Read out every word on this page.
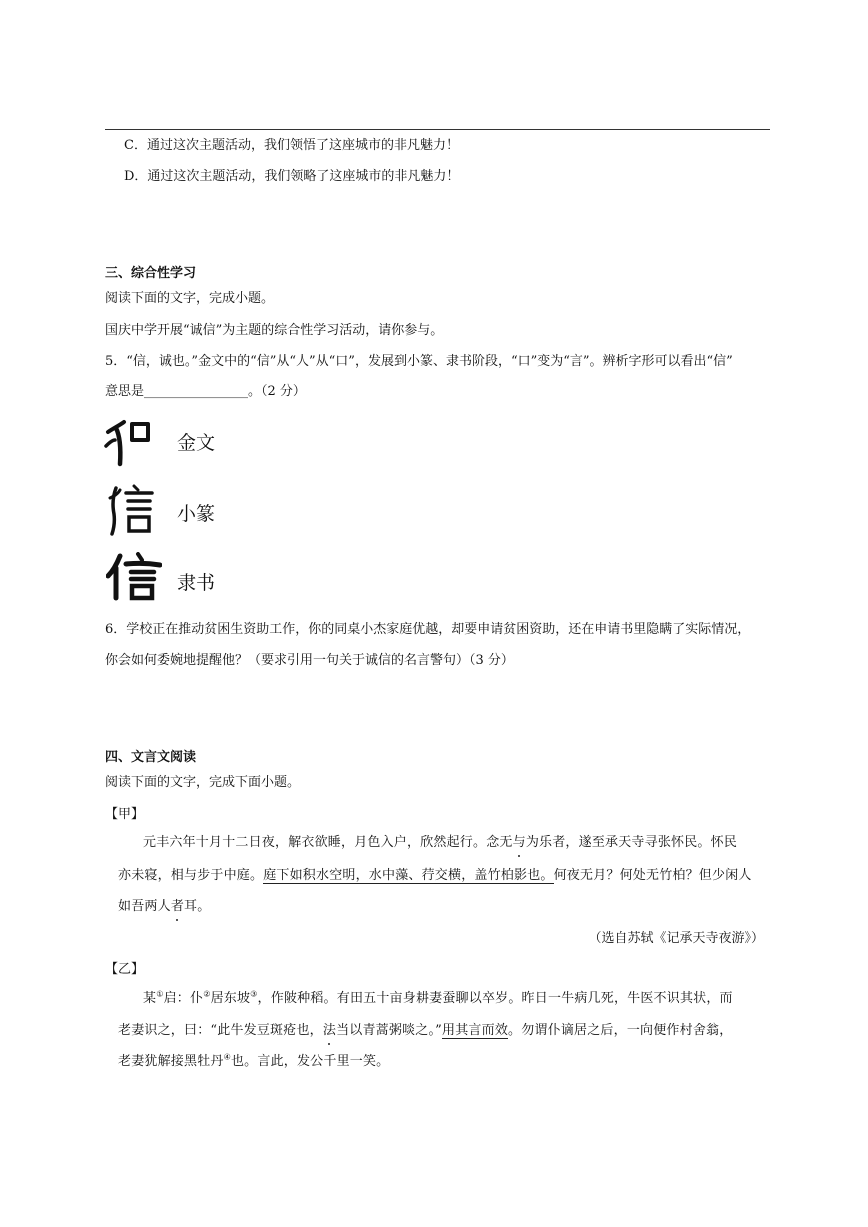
C．通过这次主题活动，我们领悟了这座城市的非凡魅力！
D．通过这次主题活动，我们领略了这座城市的非凡魅力！
三、综合性学习
阅读下面的文字，完成小题。
国庆中学开展“诚信”为主题的综合性学习活动，请你参与。
5．“信，诚也。”金文中的“信”从“人”从“口”，发展到小篆、隶书阶段，“口”变为“言”。辨析字形可以看出“信”
意思是________________。（2 分）
金文
小篆
隶书
6．学校正在推动贫困生资助工作，你的同桌小杰家庭优越，却要申请贫困资助，还在申请书里隐瞒了实际情况，
你会如何委婉地提醒他？（要求引用一句关于诚信的名言警句）（3 分）
四、文言文阅读
阅读下面的文字，完成下面小题。
【甲】
元丰六年十月十二日夜，解衣欲睡，月色入户，欣然起行。念无与为乐者，遂至承天寺寻张怀民。怀民
亦未寝，相与步于中庭。庭下如积水空明，水中藻、荇交横，盖竹柏影也。何夜无月？何处无竹柏？但少闲人
如吾两人者耳。
（选自苏轼《记承天寺夜游》）
【乙】
某①启：仆②居东坡③，作陂种稻。有田五十亩身耕妻蚕聊以卒岁。昨日一牛病几死，牛医不识其状，而
老妻识之，曰：“此牛发豆斑疮也，法当以青蒿粥啖之。”用其言而效。勿谓仆谪居之后，一向便作村舍翁，
老妻犹解接黑牡丹④也。言此，发公千里一笑。
